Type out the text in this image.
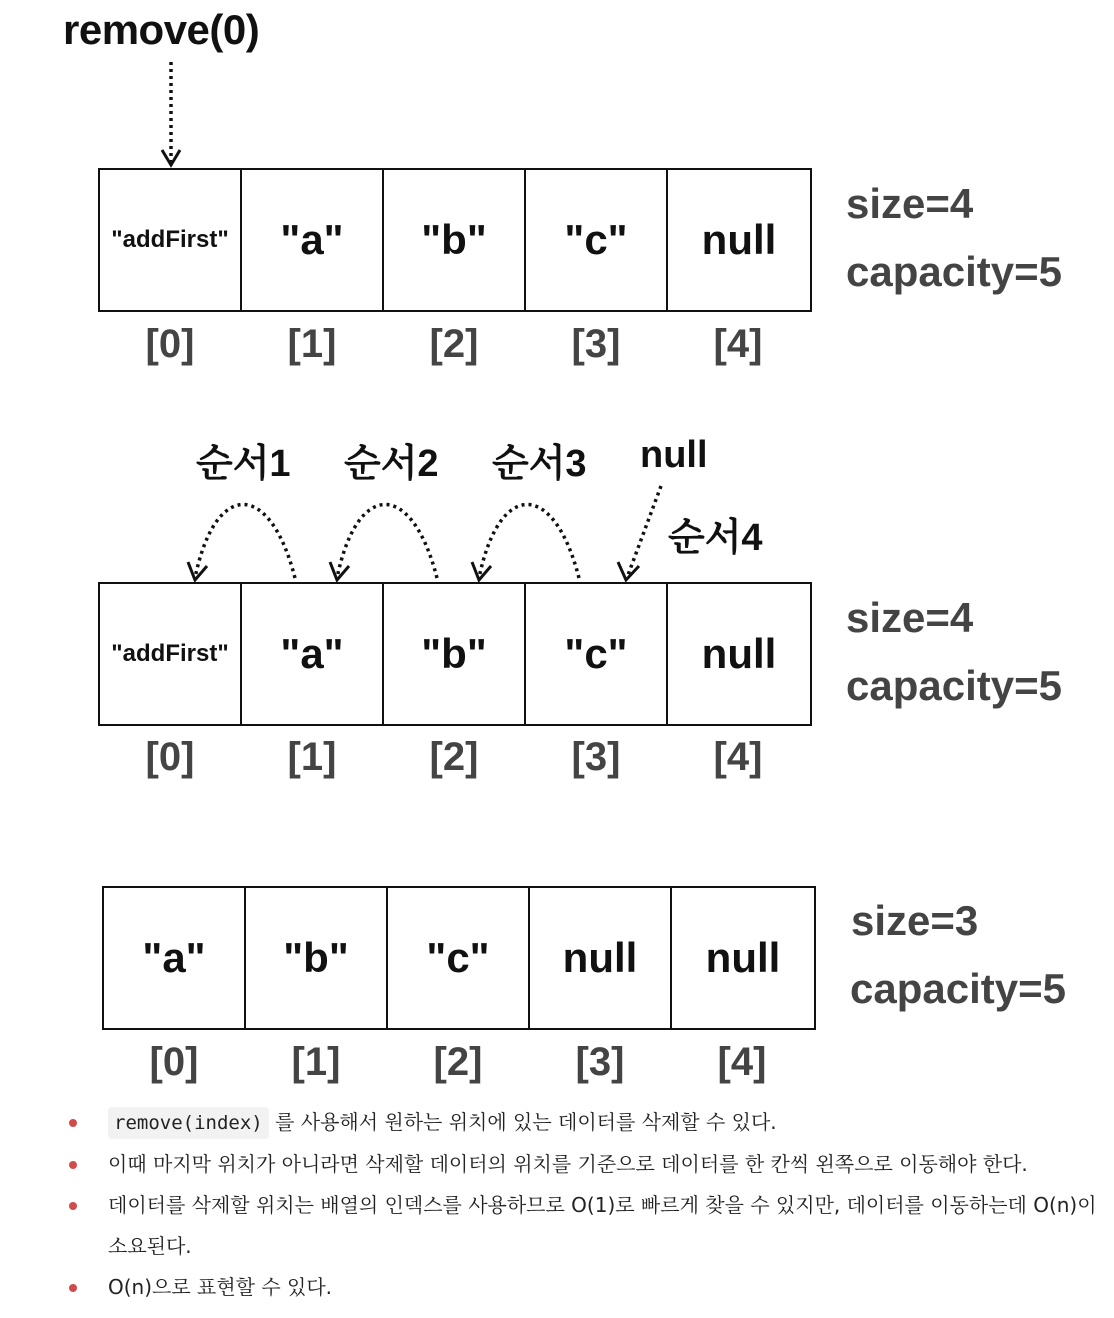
remove(0)
"addFirst"	"a"	"b"	"c"	null
[0]	[1]	[2]	[3]	[4]
size=4
capacity=5
순서1 순서2 순서3 null
순서4
"addFirst"	"a"	"b"	"c"	null
[0]	[1]	[2]	[3]	[4]
size=4
capacity=5
"a"	"b"	"c"	null	null
[0]	[1]	[2]	[3]	[4]
size=3
capacity=5
remove(index) 를 사용해서 원하는 위치에 있는 데이터를 삭제할 수 있다.
이때 마지막 위치가 아니라면 삭제할 데이터의 위치를 기준으로 데이터를 한 칸씩 왼쪽으로 이동해야 한다.
데이터를 삭제할 위치는 배열의 인덱스를 사용하므로 O(1)로 빠르게 찾을 수 있지만, 데이터를 이동하는데 O(n)이 소요된다.
O(n)으로 표현할 수 있다.
